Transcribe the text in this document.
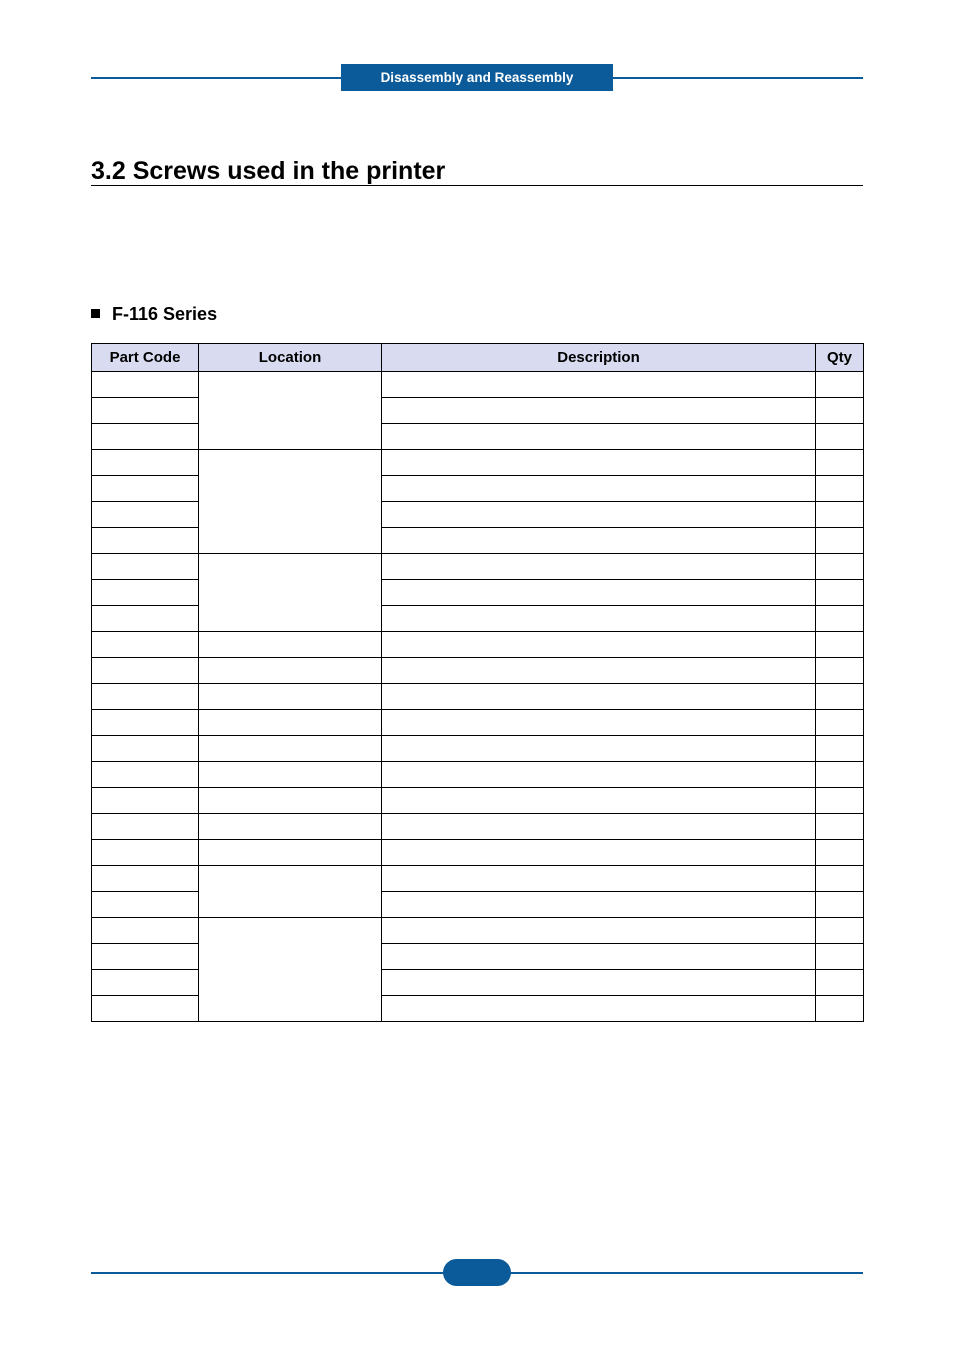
Disassembly and Reassembly
3.2 Screws used in the printer
F-116 Series
Part Code	Location	Description	Qty
